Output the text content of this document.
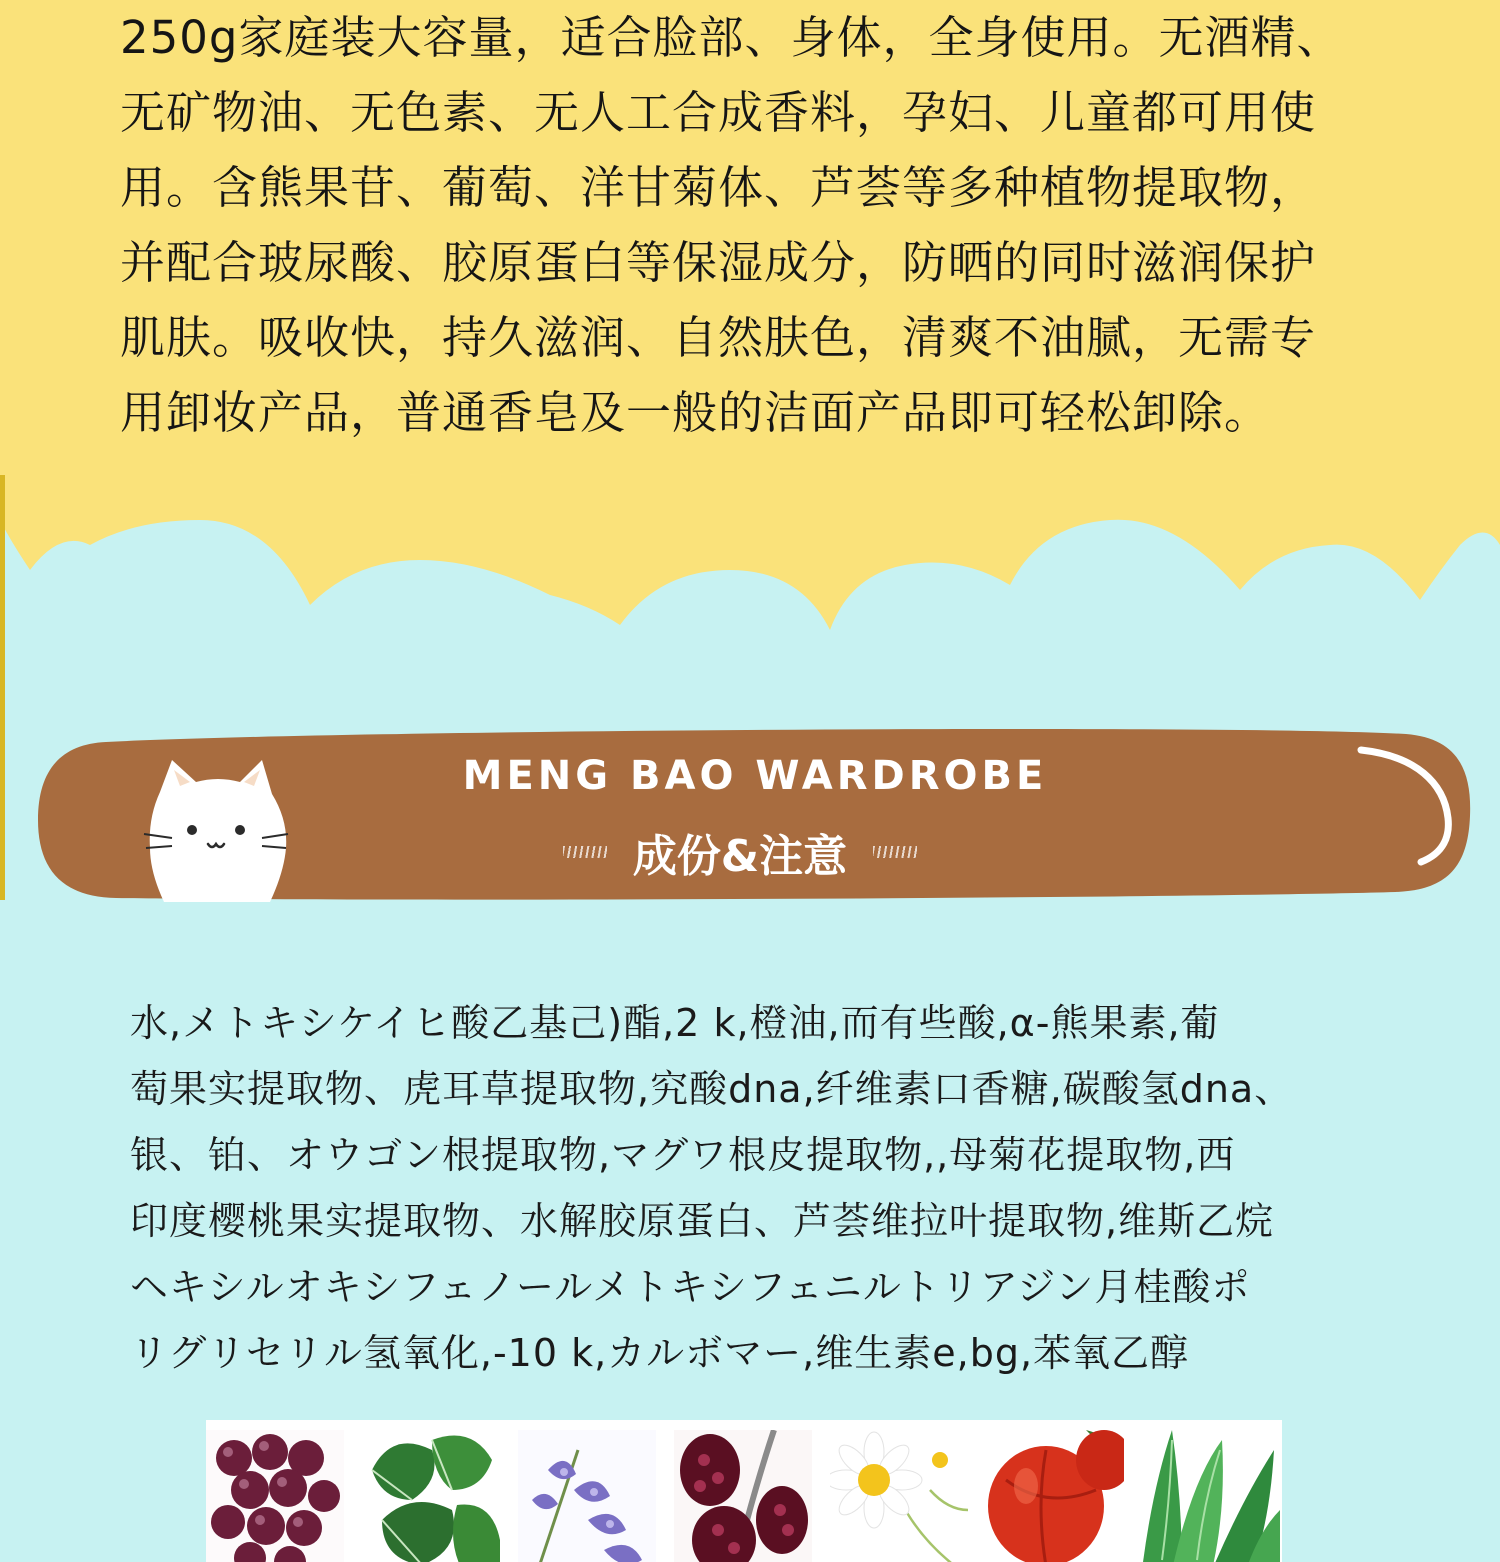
250g家庭装大容量，适合脸部、身体，全身使用。无酒精、
无矿物油、无色素、无人工合成香料，孕妇、儿童都可用使
用。含熊果苷、葡萄、洋甘菊体、芦荟等多种植物提取物，
并配合玻尿酸、胶原蛋白等保湿成分，防晒的同时滋润保护
肌肤。吸收快，持久滋润、自然肤色，清爽不油腻，无需专
用卸妆产品，普通香皂及一般的洁面产品即可轻松卸除。
MENG BAO WARDROBE
成份&注意
水,メトキシケイヒ酸乙基己)酯,2 k,橙油,而有些酸,α-熊果素,葡
萄果实提取物、虎耳草提取物,究酸dna,纤维素口香糖,碳酸氢dna、
银、铂、オウゴン根提取物,マグワ根皮提取物,,母菊花提取物,西
印度樱桃果实提取物、水解胶原蛋白、芦荟维拉叶提取物,维斯乙烷
ヘキシルオキシフェノールメトキシフェニルトリアジン月桂酸ポ
リグリセリル氢氧化,-10 k,カルボマー,维生素e,bg,苯氧乙醇
